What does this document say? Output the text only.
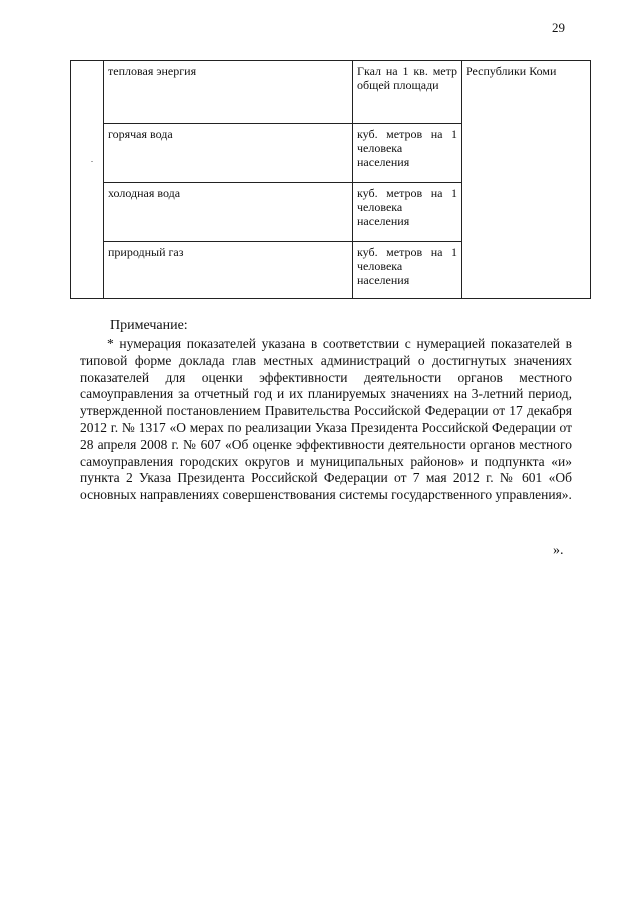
29
.	тепловая энергия	Гкал на 1 кв. метр общей площади	Республики Коми
	горячая вода	куб. метров на 1 человека населения	
	холодная вода	куб. метров на 1 человека населения	
	природный газ	куб. метров на 1 человека населения	
Примечание:
* нумерация показателей указана в соответствии с нумерацией показателей в типовой форме доклада глав местных администраций о достигнутых значениях показателей для оценки эффективности деятельности органов местного самоуправления за отчетный год и их планируемых значениях на 3-летний период, утвержденной постановлением Правительства Российской Федерации от 17 декабря 2012 г. № 1317 «О мерах по реализации Указа Президента Российской Федерации от 28 апреля 2008 г. № 607 «Об оценке эффективности деятельности органов местного самоуправления городских округов и муниципальных районов» и подпункта «и» пункта 2 Указа Президента Российской Федерации от 7 мая 2012 г. № 601 «Об основных направлениях совершенствования системы государственного управления».
».
